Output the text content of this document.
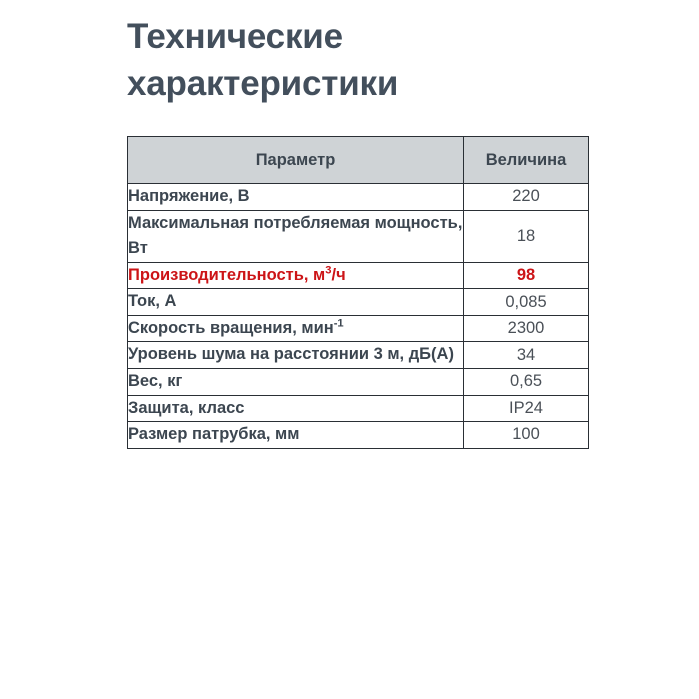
Технические
характеристики
Параметр	Величина
Напряжение, В	220
Максимальная потребляемая мощность, Вт	18
Производительность, $м^3/ч$	98
Ток, А	0,085
Скорость вращения, мин$^{-1}$	2300
Уровень шума на расстоянии 3 м, дБ(А)	34
Вес, кг	0,65
Защита, класс	IP24
Размер патрубка, мм	100
